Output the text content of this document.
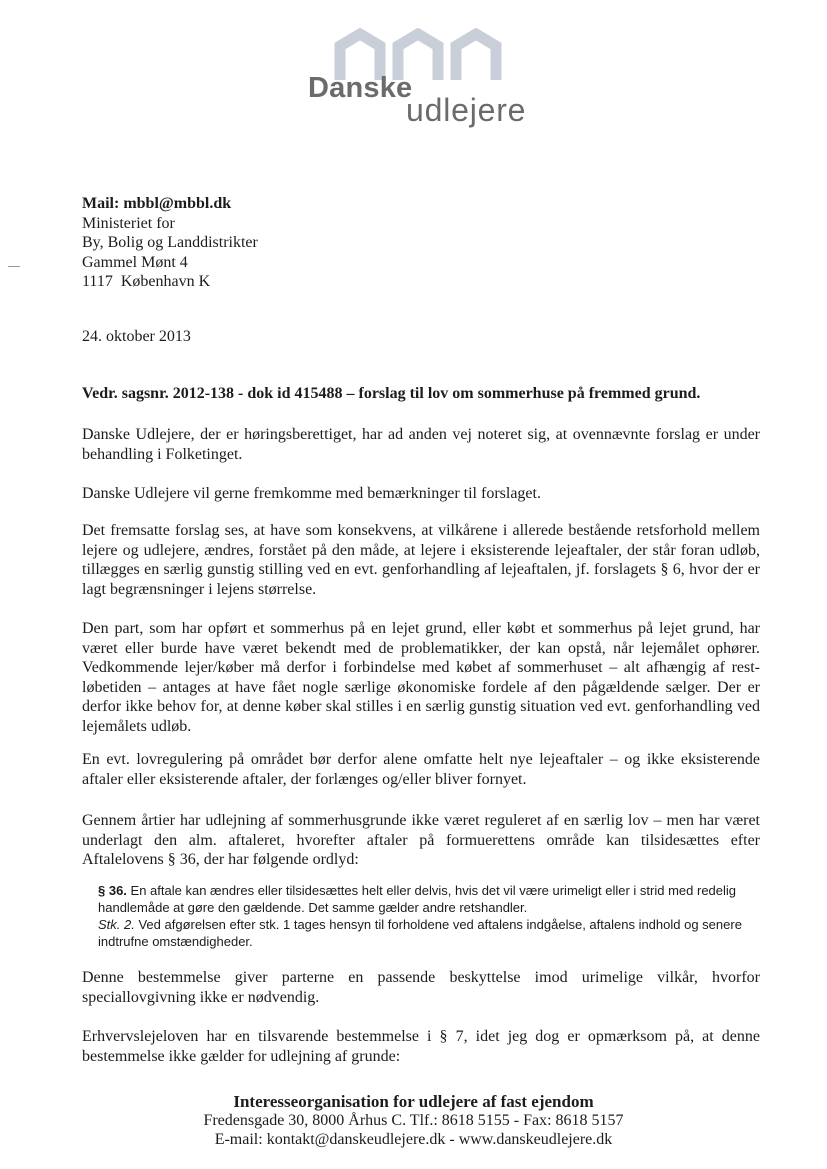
Danske
udlejere
Mail: mbbl@mbbl.dk
Ministeriet for
By, Bolig og Landdistrikter
Gammel Mønt 4
1117  København K
24. oktober 2013
Vedr. sagsnr. 2012-138 - dok id 415488 – forslag til lov om sommerhuse på fremmed grund.

Danske Udlejere, der er høringsberettiget, har ad anden vej noteret sig, at ovennævnte forslag er under behandling i Folketinget.

Danske Udlejere vil gerne fremkomme med bemærkninger til forslaget.

Det fremsatte forslag ses, at have som konsekvens, at vilkårene i allerede bestående retsforhold mellem lejere og udlejere, ændres, forstået på den måde, at lejere i eksisterende lejeaftaler, der står foran udløb, tillægges en særlig gunstig stilling ved en evt. genforhandling af lejeaftalen, jf. forslagets § 6, hvor der er lagt begrænsninger i lejens størrelse.

Den part, som har opført et sommerhus på en lejet grund, eller købt et sommerhus på lejet grund, har været eller burde have været bekendt med de problematikker, der kan opstå, når lejemålet ophører. Vedkommende lejer/køber må derfor i forbindelse med købet af sommerhuset – alt afhængig af rest-løbetiden – antages at have fået nogle særlige økonomiske fordele af den pågældende sælger. Der er derfor ikke behov for, at denne køber skal stilles i en særlig gunstig situation ved evt. genforhandling ved lejemålets udløb.

En evt. lovregulering på området bør derfor alene omfatte helt nye lejeaftaler – og ikke eksisterende aftaler eller eksisterende aftaler, der forlænges og/eller bliver fornyet.

Gennem årtier har udlejning af sommerhusgrunde ikke været reguleret af en særlig lov – men har været underlagt den alm. aftaleret, hvorefter aftaler på formuerettens område kan tilsidesættes efter Aftalelovens § 36, der har følgende ordlyd:

§ 36. En aftale kan ændres eller tilsidesættes helt eller delvis, hvis det vil være urimeligt eller i strid med redelig handlemåde at gøre den gældende. Det samme gælder andre retshandler.
Stk. 2. Ved afgørelsen efter stk. 1 tages hensyn til forholdene ved aftalens indgåelse, aftalens indhold og senere indtrufne omstændigheder.

Denne bestemmelse giver parterne en passende beskyttelse imod urimelige vilkår, hvorfor speciallovgivning ikke er nødvendig.

Erhvervslejeloven har en tilsvarende bestemmelse i § 7, idet jeg dog er opmærksom på, at denne bestemmelse ikke gælder for udlejning af grunde:

Interesseorganisation for udlejere af fast ejendom
Fredensgade 30, 8000 Århus C. Tlf.: 8618 5155 - Fax: 8618 5157
E-mail: kontakt@danskeudlejere.dk - www.danskeudlejere.dk
